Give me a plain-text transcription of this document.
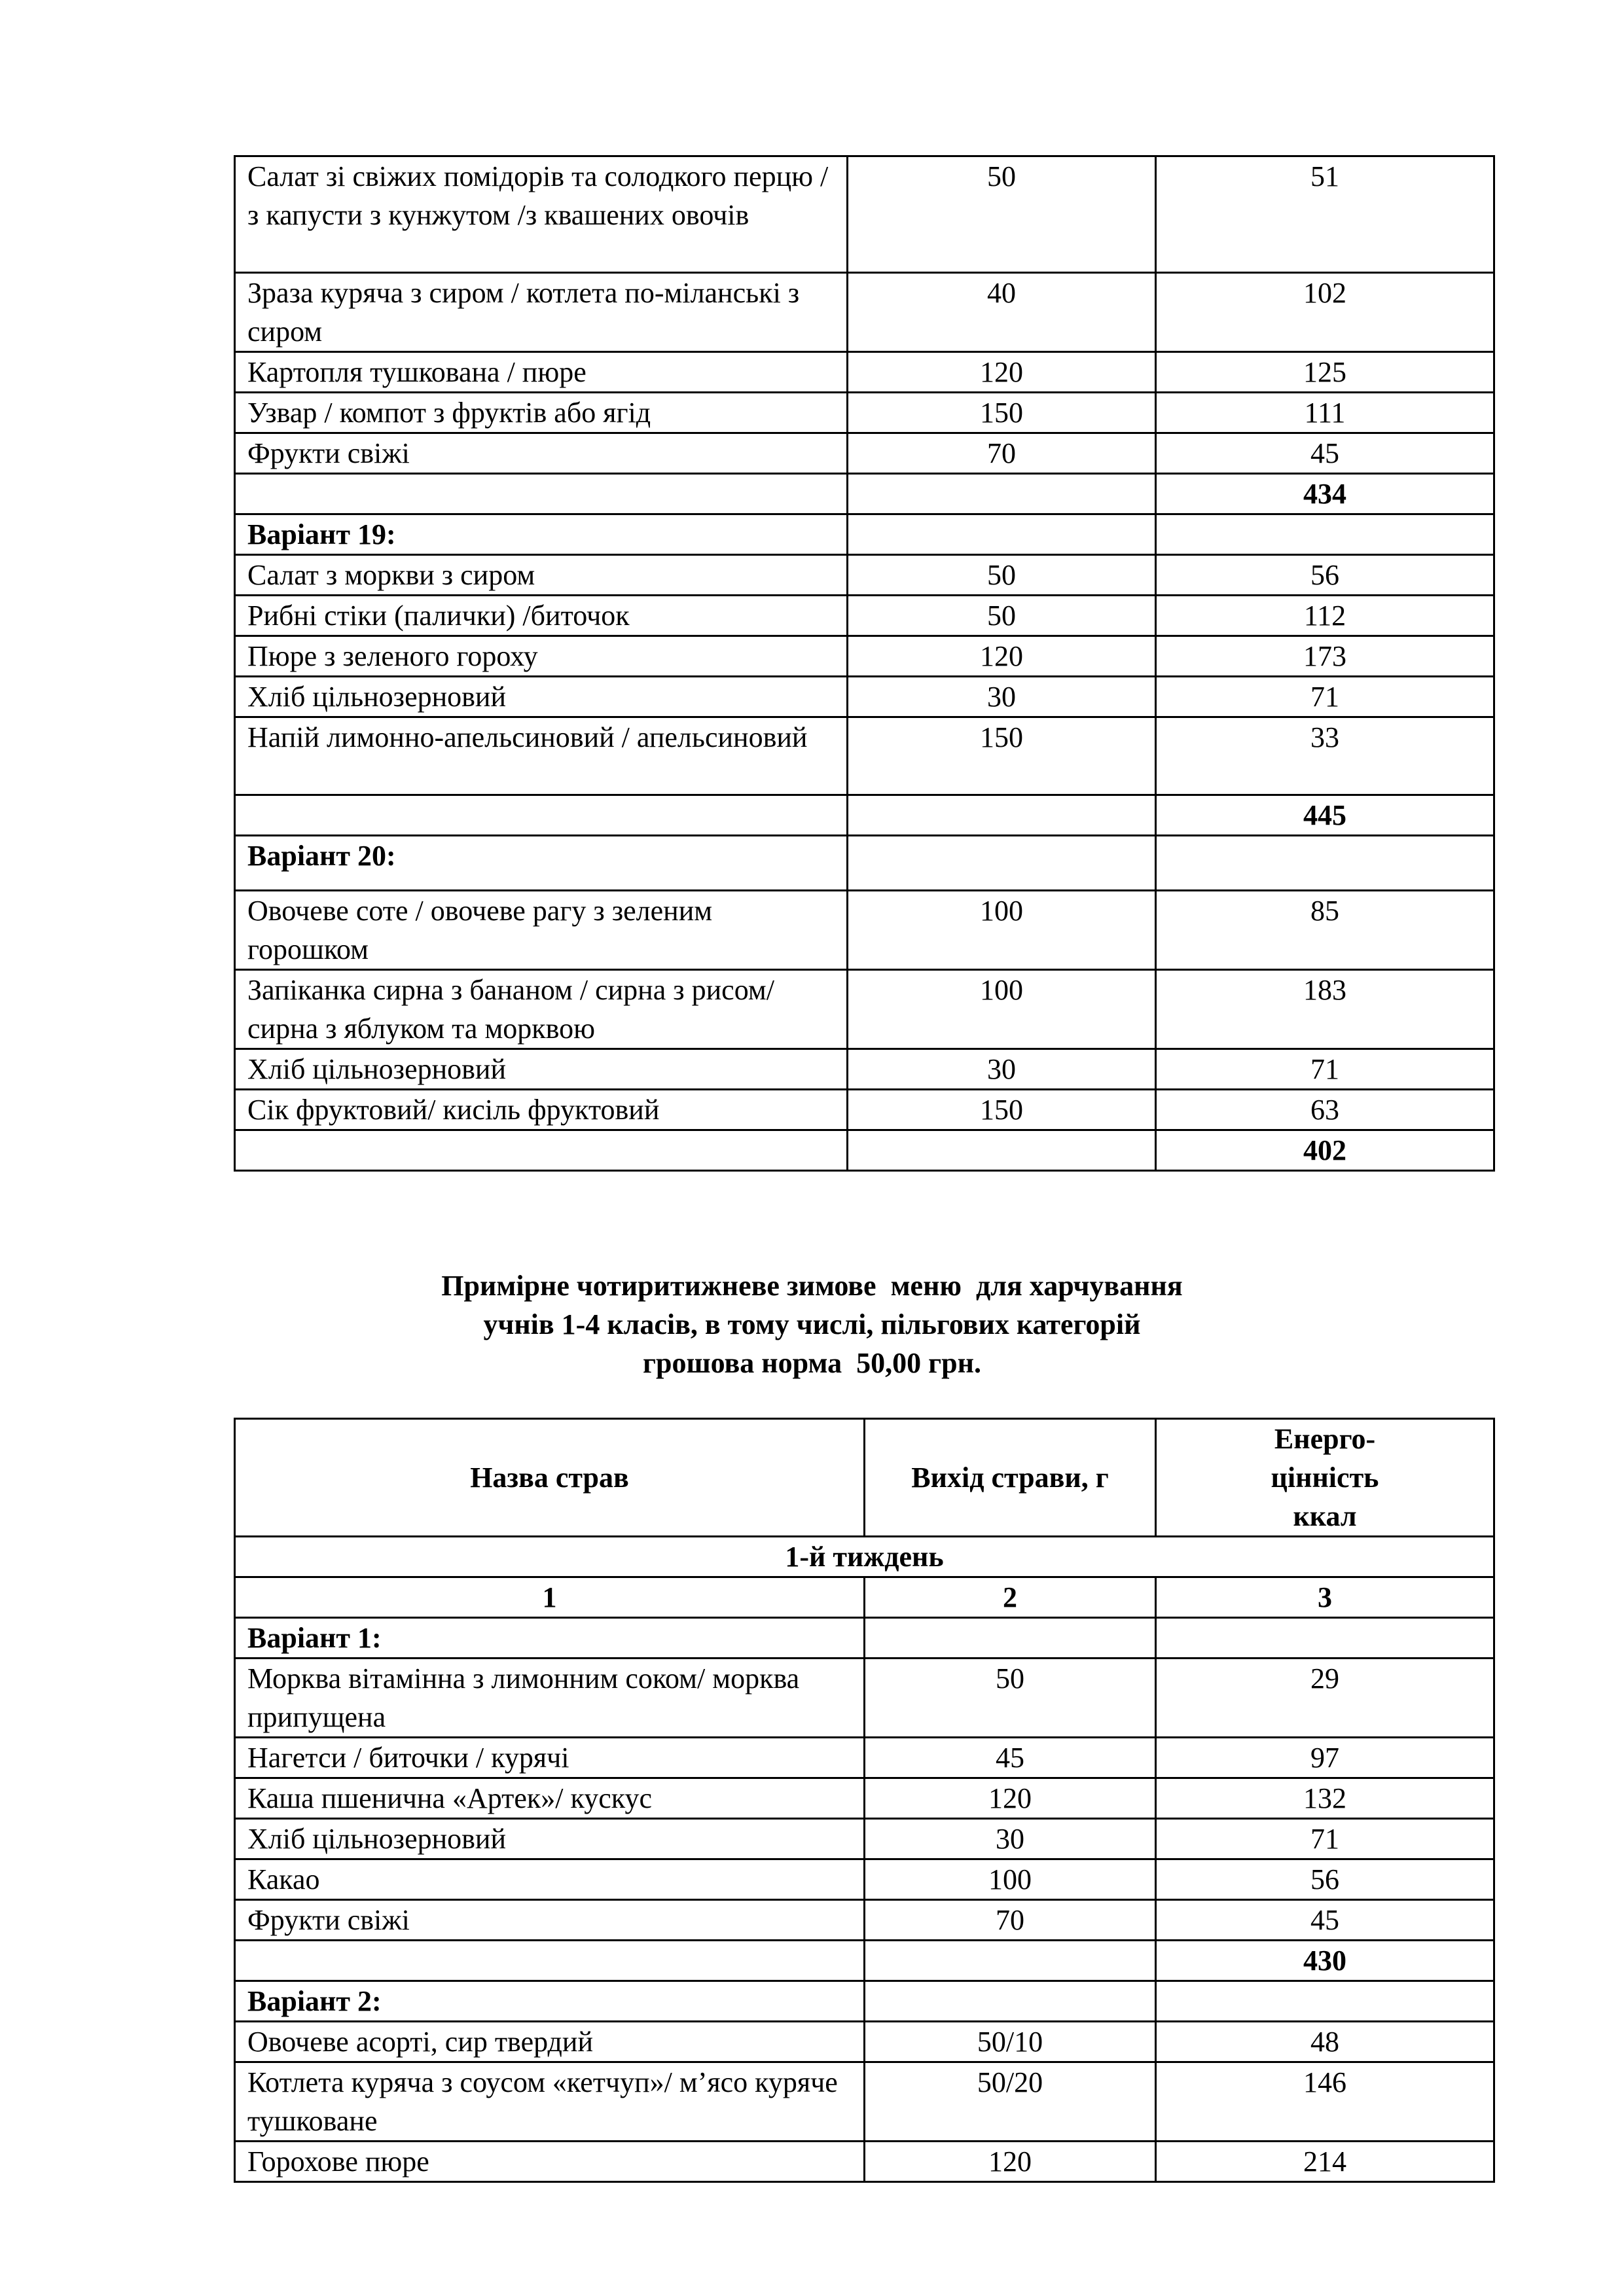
Салат зі свіжих помідорів та солодкого перцю /з капусти з кунжутом /з квашених овочів	50	51
Зраза куряча з сиром / котлета по-міланські з сиром	40	102
Картопля тушкована / пюре	120	125
Узвар / компот з фруктів або ягід	150	111
Фрукти свіжі	70	45
		434
Варіант 19:		
Салат з моркви з сиром	50	56
Рибні стіки (палички) /биточок	50	112
Пюре з зеленого гороху	120	173
Хліб цільнозерновий	30	71
Напій лимонно-апельсиновий / апельсиновий	150	33
		445
Варіант 20:		
Овочеве соте / овочеве рагу з зеленим горошком	100	85
Запіканка сирна з бананом / сирна з рисом/ сирна з яблуком та морквою	100	183
Хліб цільнозерновий	30	71
Сік фруктовий/ кисіль фруктовий	150	63
		402
Примірне чотиритижневе зимове  меню  для харчування
учнів 1-4 класів, в тому числі, пільгових категорій
грошова норма  50,00 грн.
Назва страв	Вихід страви, г	Енерго-
цінність
ккал

1-й тиждень		
1	2	3
Варіант 1:		
Морква вітамінна з лимонним соком/ морква припущена	50	29
Нагетси / биточки / курячі	45	97
Каша пшенична «Артек»/ кускус	120	132
Хліб цільнозерновий	30	71
Какао	100	56
Фрукти свіжі	70	45
		430
Варіант 2:		
Овочеве асорті, сир твердий	50/10	48
Котлета куряча з соусом «кетчуп»/ м’ясо куряче тушковане	50/20	146
Горохове пюре	120	214
